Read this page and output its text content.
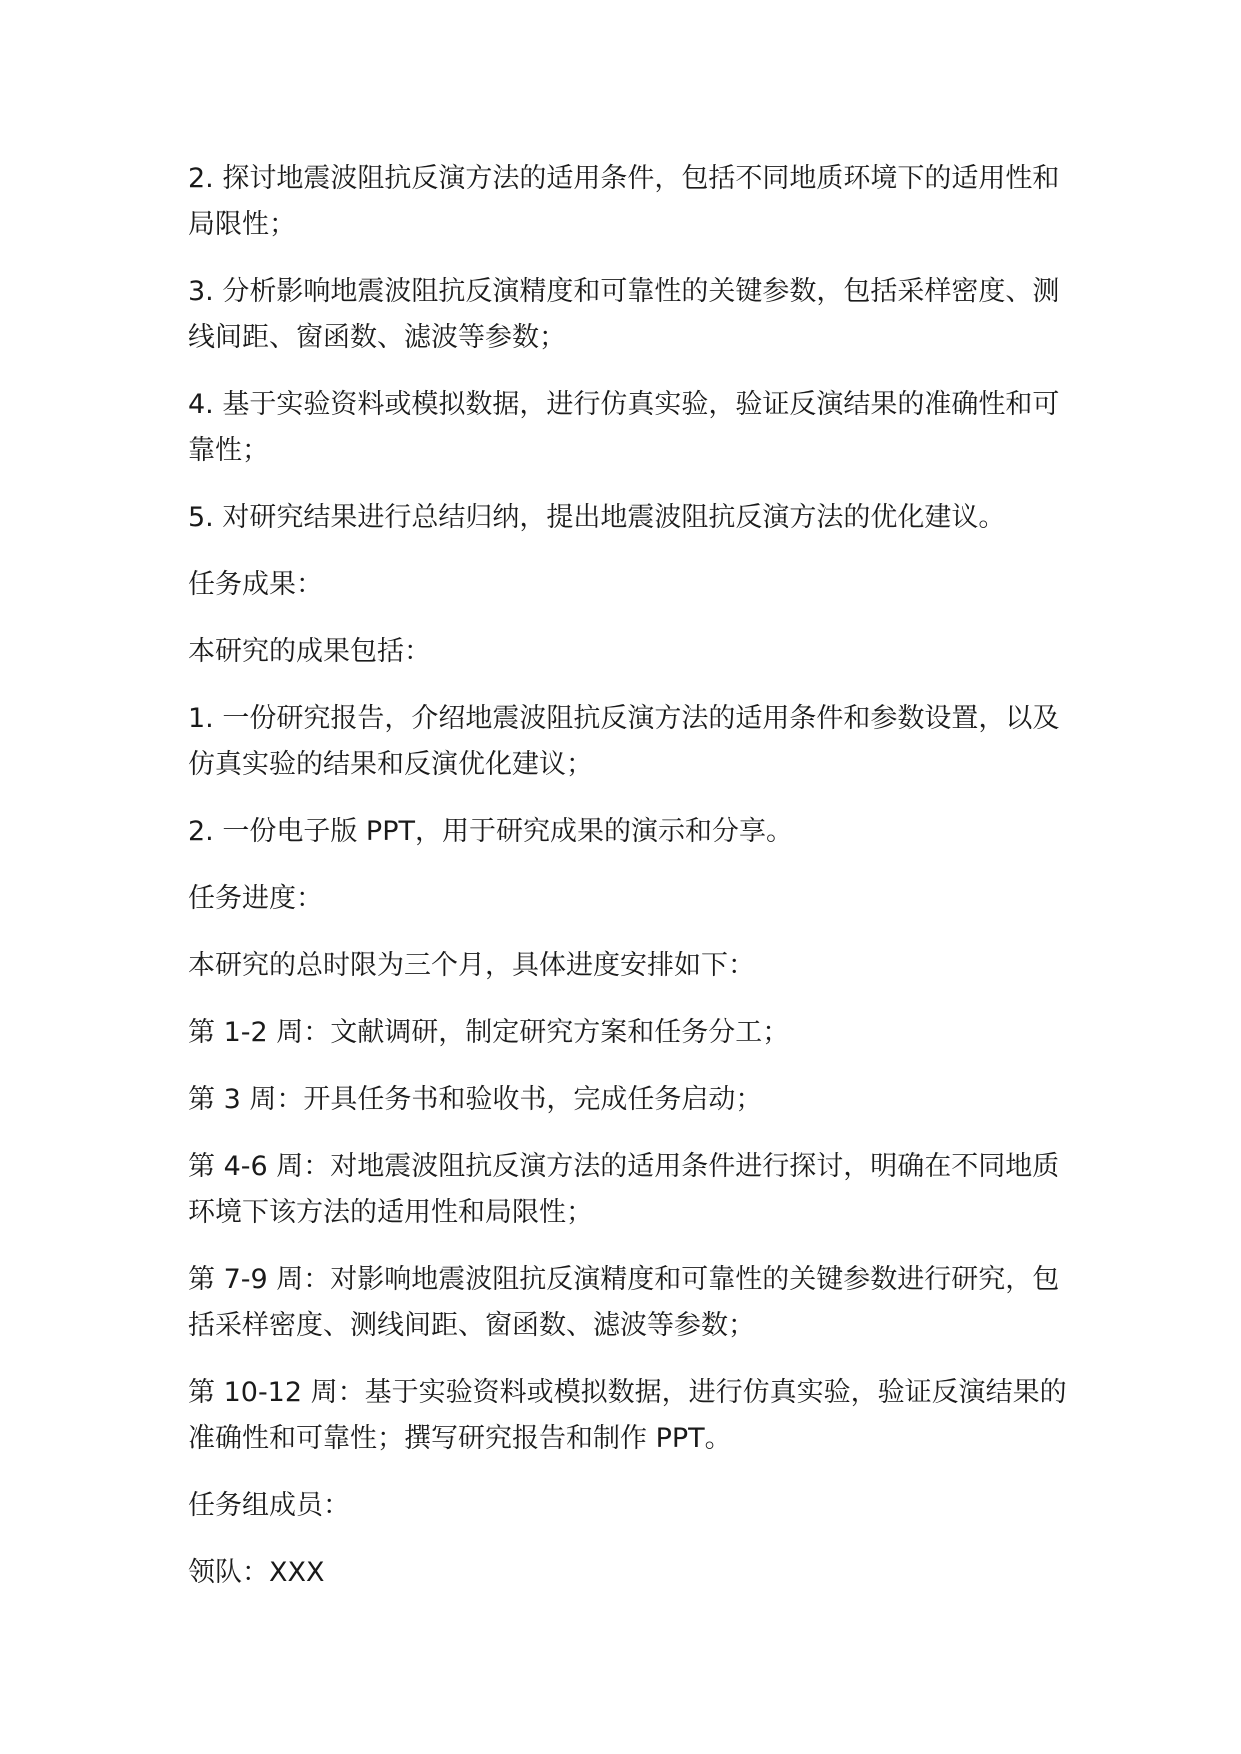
2. 探讨地震波阻抗反演方法的适用条件，包括不同地质环境下的适用性和局限性；

3. 分析影响地震波阻抗反演精度和可靠性的关键参数，包括采样密度、测线间距、窗函数、滤波等参数；

4. 基于实验资料或模拟数据，进行仿真实验，验证反演结果的准确性和可靠性；

5. 对研究结果进行总结归纳，提出地震波阻抗反演方法的优化建议。

任务成果：

本研究的成果包括：

1. 一份研究报告，介绍地震波阻抗反演方法的适用条件和参数设置，以及仿真实验的结果和反演优化建议；

2. 一份电子版 PPT，用于研究成果的演示和分享。

任务进度：

本研究的总时限为三个月，具体进度安排如下：

第 1-2 周：文献调研，制定研究方案和任务分工；

第 3 周：开具任务书和验收书，完成任务启动；

第 4-6 周：对地震波阻抗反演方法的适用条件进行探讨，明确在不同地质环境下该方法的适用性和局限性；

第 7-9 周：对影响地震波阻抗反演精度和可靠性的关键参数进行研究，包括采样密度、测线间距、窗函数、滤波等参数；

第 10-12 周：基于实验资料或模拟数据，进行仿真实验，验证反演结果的准确性和可靠性；撰写研究报告和制作 PPT。

任务组成员：

领队：XXX
